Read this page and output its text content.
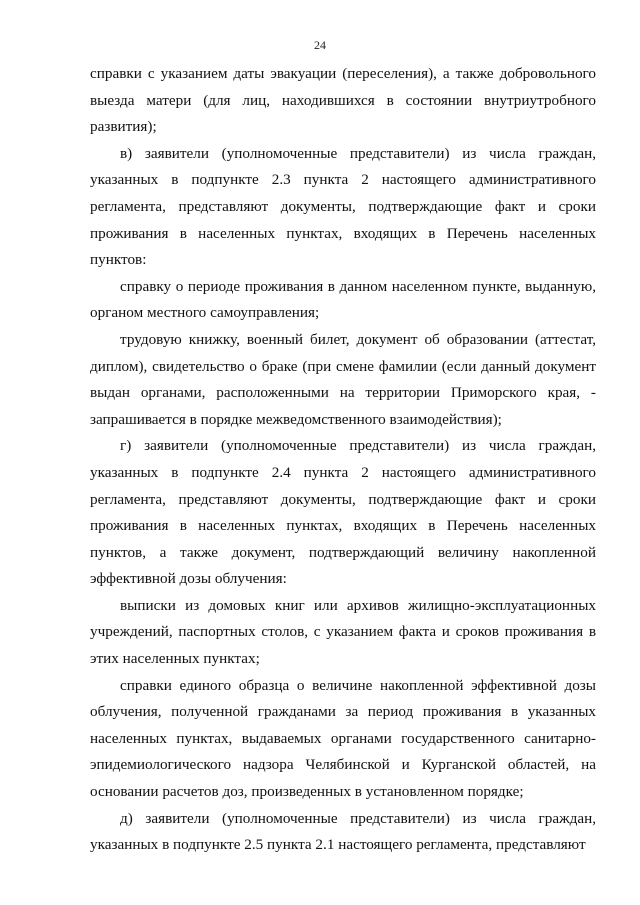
24

справки с указанием даты эвакуации (переселения), а также добровольного выезда матери (для лиц, находившихся в состоянии внутриутробного развития);

в) заявители (уполномоченные представители) из числа граждан, указанных в подпункте 2.3 пункта 2 настоящего административного регламента, представляют документы, подтверждающие факт и сроки проживания в населенных пунктах, входящих в Перечень населенных пунктов:

справку о периоде проживания в данном населенном пункте, выданную, органом местного самоуправления;

трудовую книжку, военный билет, документ об образовании (аттестат, диплом), свидетельство о браке (при смене фамилии (если данный документ выдан органами, расположенными на территории Приморского края, - запрашивается в порядке межведомственного взаимодействия);

г) заявители (уполномоченные представители) из числа граждан, указанных в подпункте 2.4 пункта 2 настоящего административного регламента, представляют документы, подтверждающие факт и сроки проживания в населенных пунктах, входящих в Перечень населенных пунктов, а также документ, подтверждающий величину накопленной эффективной дозы облучения:

выписки из домовых книг или архивов жилищно-эксплуатационных учреждений, паспортных столов, с указанием факта и сроков проживания в этих населенных пунктах;

справки единого образца о величине накопленной эффективной дозы облучения, полученной гражданами за период проживания в указанных населенных пунктах, выдаваемых органами государственного санитарно-эпидемиологического надзора Челябинской и Курганской областей, на основании расчетов доз, произведенных в установленном порядке;

д) заявители (уполномоченные представители) из числа граждан, указанных в подпункте 2.5 пункта 2.1 настоящего регламента, представляют
